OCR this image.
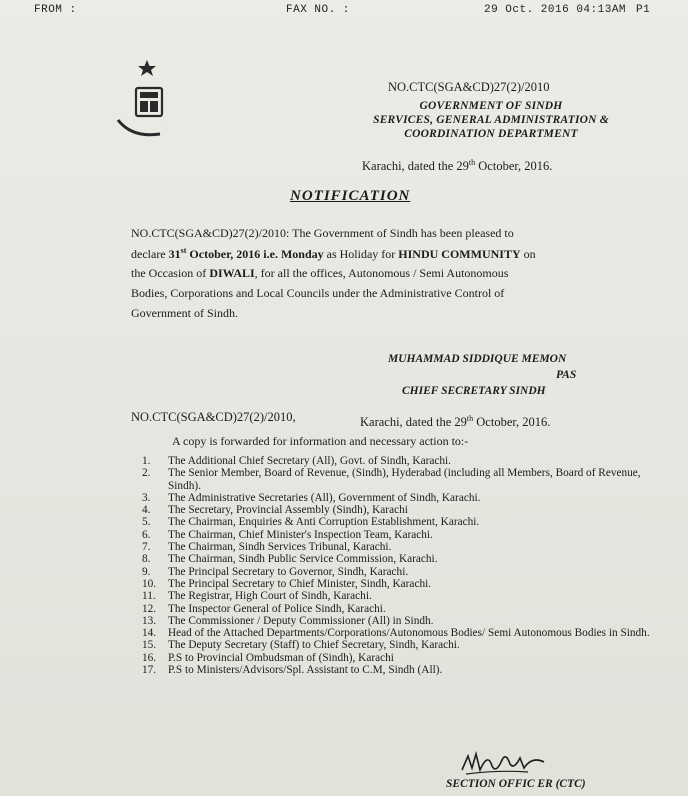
FROM :	FAX NO. :	29 Oct. 2016 04:13AM P1
NO.CTC(SGA&CD)27(2)/2010
GOVERNMENT OF SINDH
SERVICES, GENERAL ADMINISTRATION &
COORDINATION DEPARTMENT
Karachi, dated the 29th October, 2016.
NOTIFICATION
NO.CTC(SGA&CD)27(2)/2010: The Government of Sindh has been pleased to
declare 31st October, 2016 i.e. Monday as Holiday for HINDU COMMUNITY on
the Occasion of DIWALI, for all the offices, Autonomous / Semi Autonomous
Bodies, Corporations and Local Councils under the Administrative Control of
Government of Sindh.
MUHAMMAD SIDDIQUE MEMON
PAS
CHIEF SECRETARY SINDH
NO.CTC(SGA&CD)27(2)/2010,	Karachi, dated the 29th October, 2016.
A copy is forwarded for information and necessary action to:-
1.	The Additional Chief Secretary (All), Govt. of Sindh, Karachi.
2.	The Senior Member, Board of Revenue, (Sindh), Hyderabad (including all Members, Board of Revenue, Sindh).
3.	The Administrative Secretaries (All), Government of Sindh, Karachi.
4.	The Secretary, Provincial Assembly (Sindh), Karachi
5.	The Chairman, Enquiries & Anti Corruption Establishment, Karachi.
6.	The Chairman, Chief Minister's Inspection Team, Karachi.
7.	The Chairman, Sindh Services Tribunal, Karachi.
8.	The Chairman, Sindh Public Service Commission, Karachi.
9.	The Principal Secretary to Governor, Sindh, Karachi.
10.	The Principal Secretary to Chief Minister, Sindh, Karachi.
11.	The Registrar, High Court of Sindh, Karachi.
12.	The Inspector General of Police Sindh, Karachi.
13.	The Commissioner / Deputy Commissioner (All) in Sindh.
14.	Head of the Attached Departments/Corporations/Autonomous Bodies/ Semi Autonomous Bodies in Sindh.
15.	The Deputy Secretary (Staff) to Chief Secretary, Sindh, Karachi.
16.	P.S to Provincial Ombudsman of (Sindh), Karachi
17.	P.S to Ministers/Advisors/Spl. Assistant to C.M, Sindh (All).
SECTION OFFIC ER (CTC)
